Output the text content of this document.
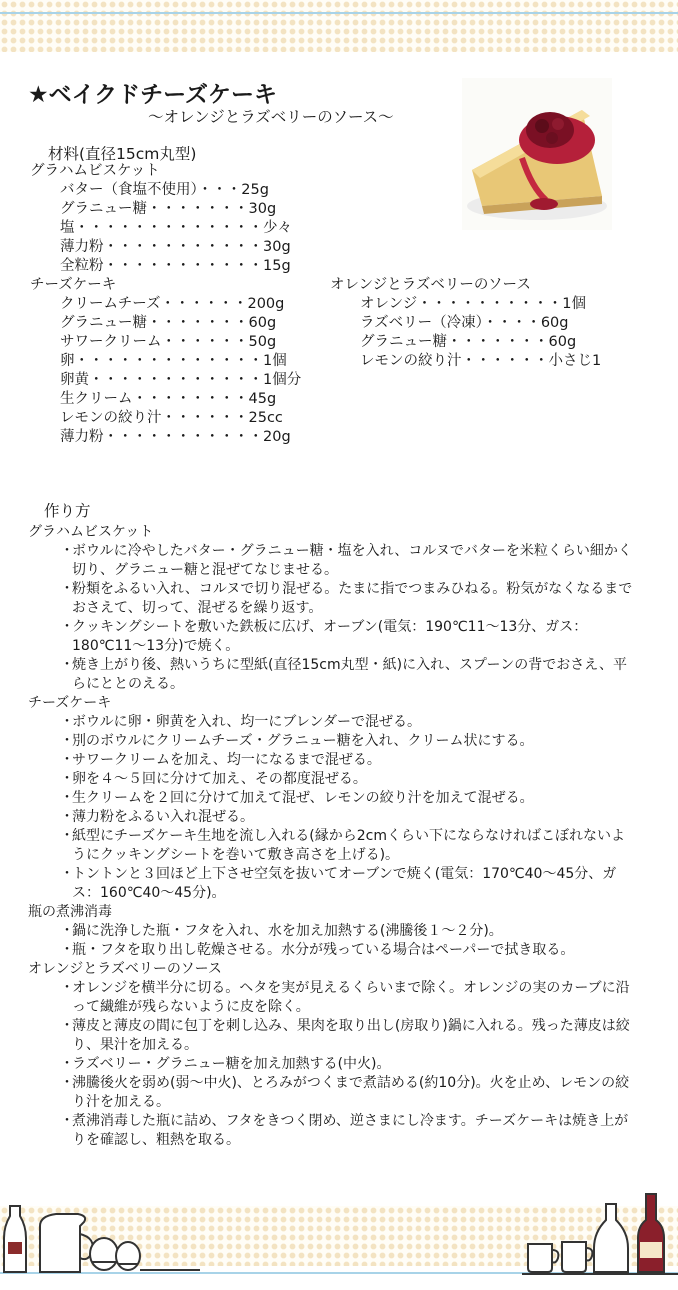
★ベイクドチーズケーキ
～オレンジとラズベリーのソース～
材料(直径15cm丸型)
グラハムビスケット
バター（食塩不使用）・・・25g
グラニュー糖・・・・・・・30g
塩・・・・・・・・・・・・・少々
薄力粉・・・・・・・・・・・30g
全粒粉・・・・・・・・・・・15g
チーズケーキ
クリームチーズ・・・・・・200g
グラニュー糖・・・・・・・60g
サワークリーム・・・・・・50g
卵・・・・・・・・・・・・・1個
卵黄・・・・・・・・・・・・1個分
生クリーム・・・・・・・・45g
レモンの絞り汁・・・・・・25cc
薄力粉・・・・・・・・・・・20g
オレンジとラズベリーのソース
オレンジ・・・・・・・・・・1個
ラズベリー（冷凍）・・・・60g
グラニュー糖・・・・・・・60g
レモンの絞り汁・・・・・・小さじ1
作り方
グラハムビスケット
・
ボウルに冷やしたバター・グラニュー糖・塩を入れ、コルヌでバターを米粒くらい細かく切り、グラニュー糖と混ぜてなじませる。
・
粉類をふるい入れ、コルヌで切り混ぜる。たまに指でつまみひねる。粉気がなくなるまでおさえて、切って、混ぜるを繰り返す。
・
クッキングシートを敷いた鉄板に広げ、オーブン(電気：190℃11～13分、ガス：180℃11～13分)で焼く。
・
焼き上がり後、熱いうちに型紙(直径15cm丸型・紙)に入れ、スプーンの背でおさえ、平らにととのえる。
チーズケーキ
・
ボウルに卵・卵黄を入れ、均一にブレンダーで混ぜる。
・
別のボウルにクリームチーズ・グラニュー糖を入れ、クリーム状にする。
・
サワークリームを加え、均一になるまで混ぜる。
・
卵を４～５回に分けて加え、その都度混ぜる。
・
生クリームを２回に分けて加えて混ぜ、レモンの絞り汁を加えて混ぜる。
・
薄力粉をふるい入れ混ぜる。
・
紙型にチーズケーキ生地を流し入れる(縁から2cmくらい下にならなければこぼれないようにクッキングシートを巻いて敷き高さを上げる)。
・
トントンと３回ほど上下させ空気を抜いてオーブンで焼く(電気：170℃40～45分、ガス：160℃40～45分)。
瓶の煮沸消毒
・
鍋に洗浄した瓶・フタを入れ、水を加え加熱する(沸騰後１～２分)。
・
瓶・フタを取り出し乾燥させる。水分が残っている場合はペーパーで拭き取る。
オレンジとラズベリーのソース
・
オレンジを横半分に切る。ヘタを実が見えるくらいまで除く。オレンジの実のカーブに沿って繊維が残らないように皮を除く。
・
薄皮と薄皮の間に包丁を刺し込み、果肉を取り出し(房取り)鍋に入れる。残った薄皮は絞り、果汁を加える。
・
ラズベリー・グラニュー糖を加え加熱する(中火)。
・
沸騰後火を弱め(弱～中火)、とろみがつくまで煮詰める(約10分)。火を止め、レモンの絞り汁を加える。
・
煮沸消毒した瓶に詰め、フタをきつく閉め、逆さまにし冷ます。チーズケーキは焼き上がりを確認し、粗熱を取る。
